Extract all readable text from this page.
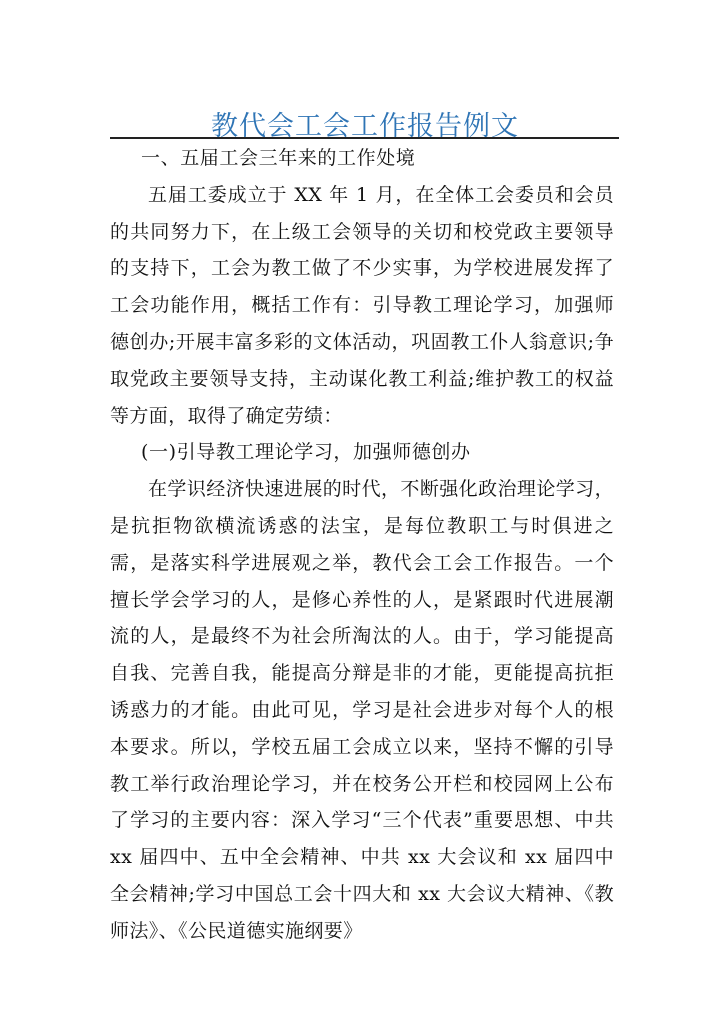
教代会工会工作报告例文

一、五届工会三年来的工作处境

五届工委成立于 XX 年 1 月，在全体工会委员和会员的共同努力下，在上级工会领导的关切和校党政主要领导的支持下，工会为教工做了不少实事，为学校进展发挥了工会功能作用，概括工作有：引导教工理论学习，加强师德创办;开展丰富多彩的文体活动，巩固教工仆人翁意识;争取党政主要领导支持，主动谋化教工利益;维护教工的权益等方面，取得了确定劳绩：

(一)引导教工理论学习，加强师德创办

在学识经济快速进展的时代，不断强化政治理论学习，是抗拒物欲横流诱惑的法宝，是每位教职工与时俱进之需，是落实科学进展观之举，教代会工会工作报告。一个擅长学会学习的人，是修心养性的人，是紧跟时代进展潮流的人，是最终不为社会所淘汰的人。由于，学习能提高自我、完善自我，能提高分辩是非的才能，更能提高抗拒诱惑力的才能。由此可见，学习是社会进步对每个人的根本要求。所以，学校五届工会成立以来，坚持不懈的引导教工举行政治理论学习，并在校务公开栏和校园网上公布了学习的主要内容：深入学习“三个代表”重要思想、中共 xx 届四中、五中全会精神、中共 xx 大会议和 xx 届四中全会精神;学习中国总工会十四大和 xx 大会议大精神、《教师法》、《公民道德实施纲要》
